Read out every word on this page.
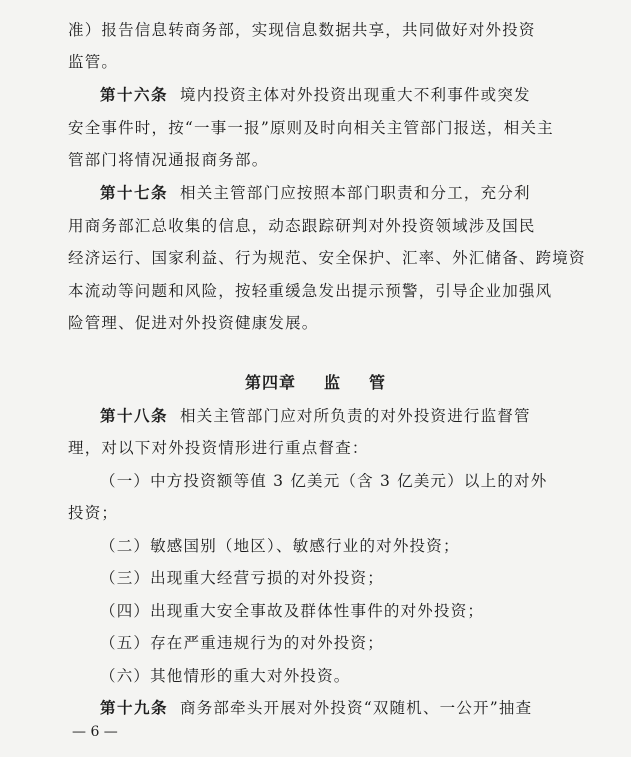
准）报告信息转商务部，实现信息数据共享，共同做好对外投资
监管。
第十六条 境内投资主体对外投资出现重大不利事件或突发
安全事件时，按“一事一报”原则及时向相关主管部门报送，相关主
管部门将情况通报商务部。
第十七条 相关主管部门应按照本部门职责和分工，充分利
用商务部汇总收集的信息，动态跟踪研判对外投资领域涉及国民
经济运行、国家利益、行为规范、安全保护、汇率、外汇储备、跨境资
本流动等问题和风险，按轻重缓急发出提示预警，引导企业加强风
险管理、促进对外投资健康发展。
第四章 监 管
第十八条 相关主管部门应对所负责的对外投资进行监督管
理，对以下对外投资情形进行重点督查：
（一）中方投资额等值 3 亿美元（含 3 亿美元）以上的对外
投资；
（二）敏感国别（地区）、敏感行业的对外投资；
（三）出现重大经营亏损的对外投资；
（四）出现重大安全事故及群体性事件的对外投资；
（五）存在严重违规行为的对外投资；
（六）其他情形的重大对外投资。
第十九条 商务部牵头开展对外投资“双随机、一公开”抽查
— 6 —
